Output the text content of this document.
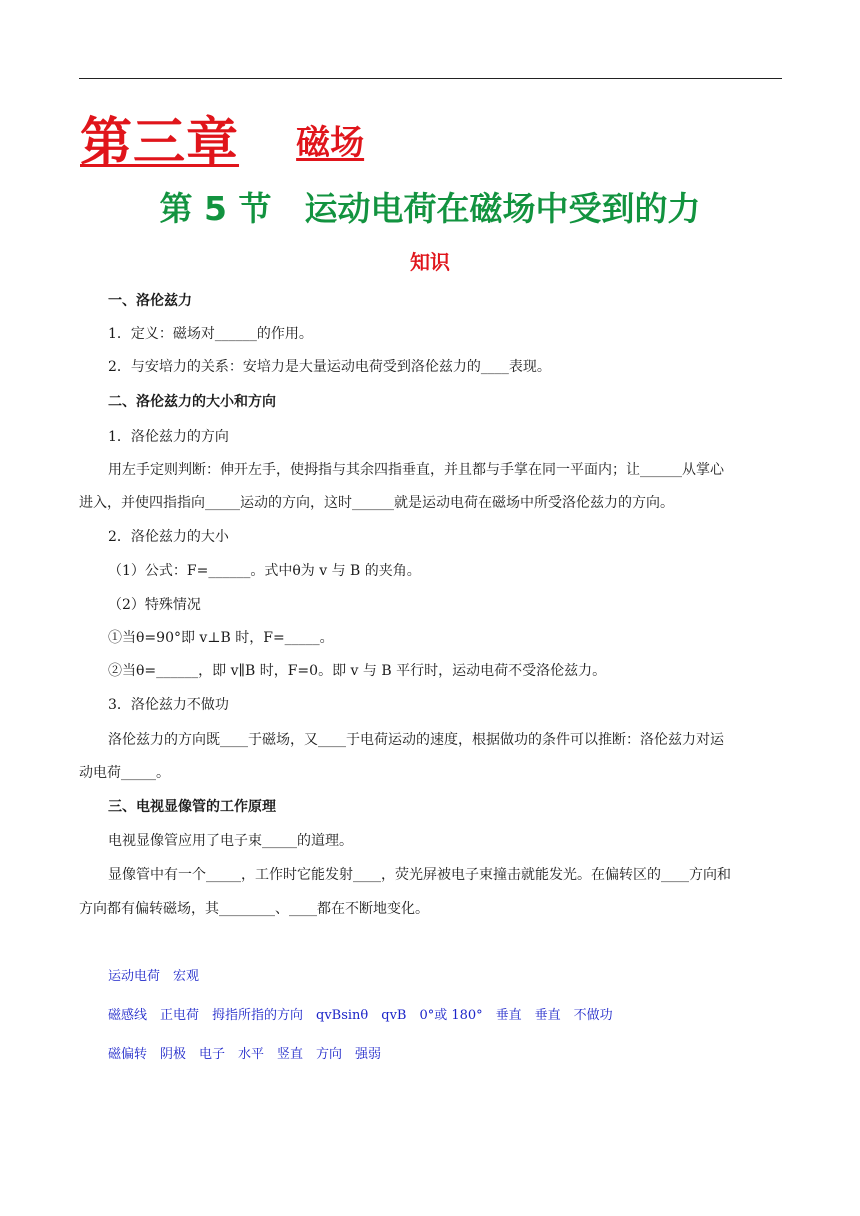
第三章 磁场
第 5 节　运动电荷在磁场中受到的力
知识
一、洛伦兹力
1．定义：磁场对______的作用。
2．与安培力的关系：安培力是大量运动电荷受到洛伦兹力的____表现。
二、洛伦兹力的大小和方向
1．洛伦兹力的方向
用左手定则判断：伸开左手，使拇指与其余四指垂直，并且都与手掌在同一平面内；让______从掌心
进入，并使四指指向_____运动的方向，这时______就是运动电荷在磁场中所受洛伦兹力的方向。
2．洛伦兹力的大小
（1）公式：F=______。式中θ为 v 与 B 的夹角。
（2）特殊情况
①当θ=90°即 v⊥B 时，F=_____。
②当θ=______，即 v∥B 时，F=0。即 v 与 B 平行时，运动电荷不受洛伦兹力。
3．洛伦兹力不做功
洛伦兹力的方向既____于磁场，又____于电荷运动的速度，根据做功的条件可以推断：洛伦兹力对运
动电荷_____。
三、电视显像管的工作原理
电视显像管应用了电子束_____的道理。
显像管中有一个_____，工作时它能发射____，荧光屏被电子束撞击就能发光。在偏转区的____方向和
方向都有偏转磁场，其________、____都在不断地变化。
运动电荷　宏观
磁感线　正电荷　拇指所指的方向　qvBsinθ　qvB　0°或 180°　垂直　垂直　不做功
磁偏转　阴极　电子　水平　竖直　方向　强弱
